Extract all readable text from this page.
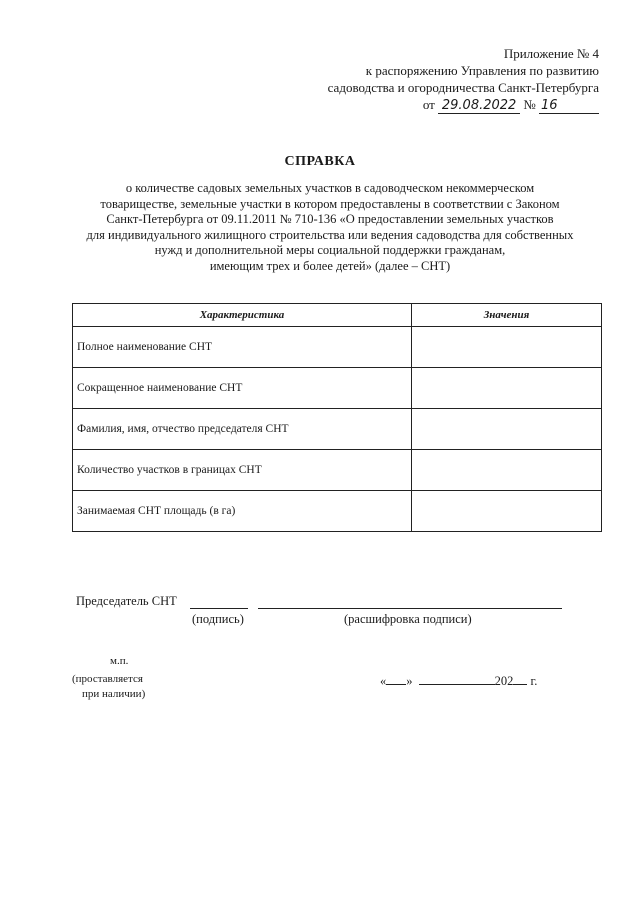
Приложение № 4
к распоряжению Управления по развитию
садоводства и огородничества Санкт-Петербурга
от 29.08.2022 № 16
СПРАВКА
о количестве садовых земельных участков в садоводческом некоммерческом
товариществе, земельные участки в котором предоставлены в соответствии с Законом
Санкт-Петербурга от 09.11.2011 № 710-136 «О предоставлении земельных участков
для индивидуального жилищного строительства или ведения садоводства для собственных
нужд и дополнительной меры социальной поддержки гражданам,
имеющим трех и более детей» (далее – СНТ)
Характеристика	Значения
Полное наименование СНТ	
Сокращенное наименование СНТ	
Фамилия, имя, отчество председателя СНТ	
Количество участков в границах СНТ	
Занимаемая СНТ площадь (в га)	
Председатель СНТ
(подпись)	(расшифровка подписи)
м.п.
(проставляется
при наличии)
« »	202 г.
